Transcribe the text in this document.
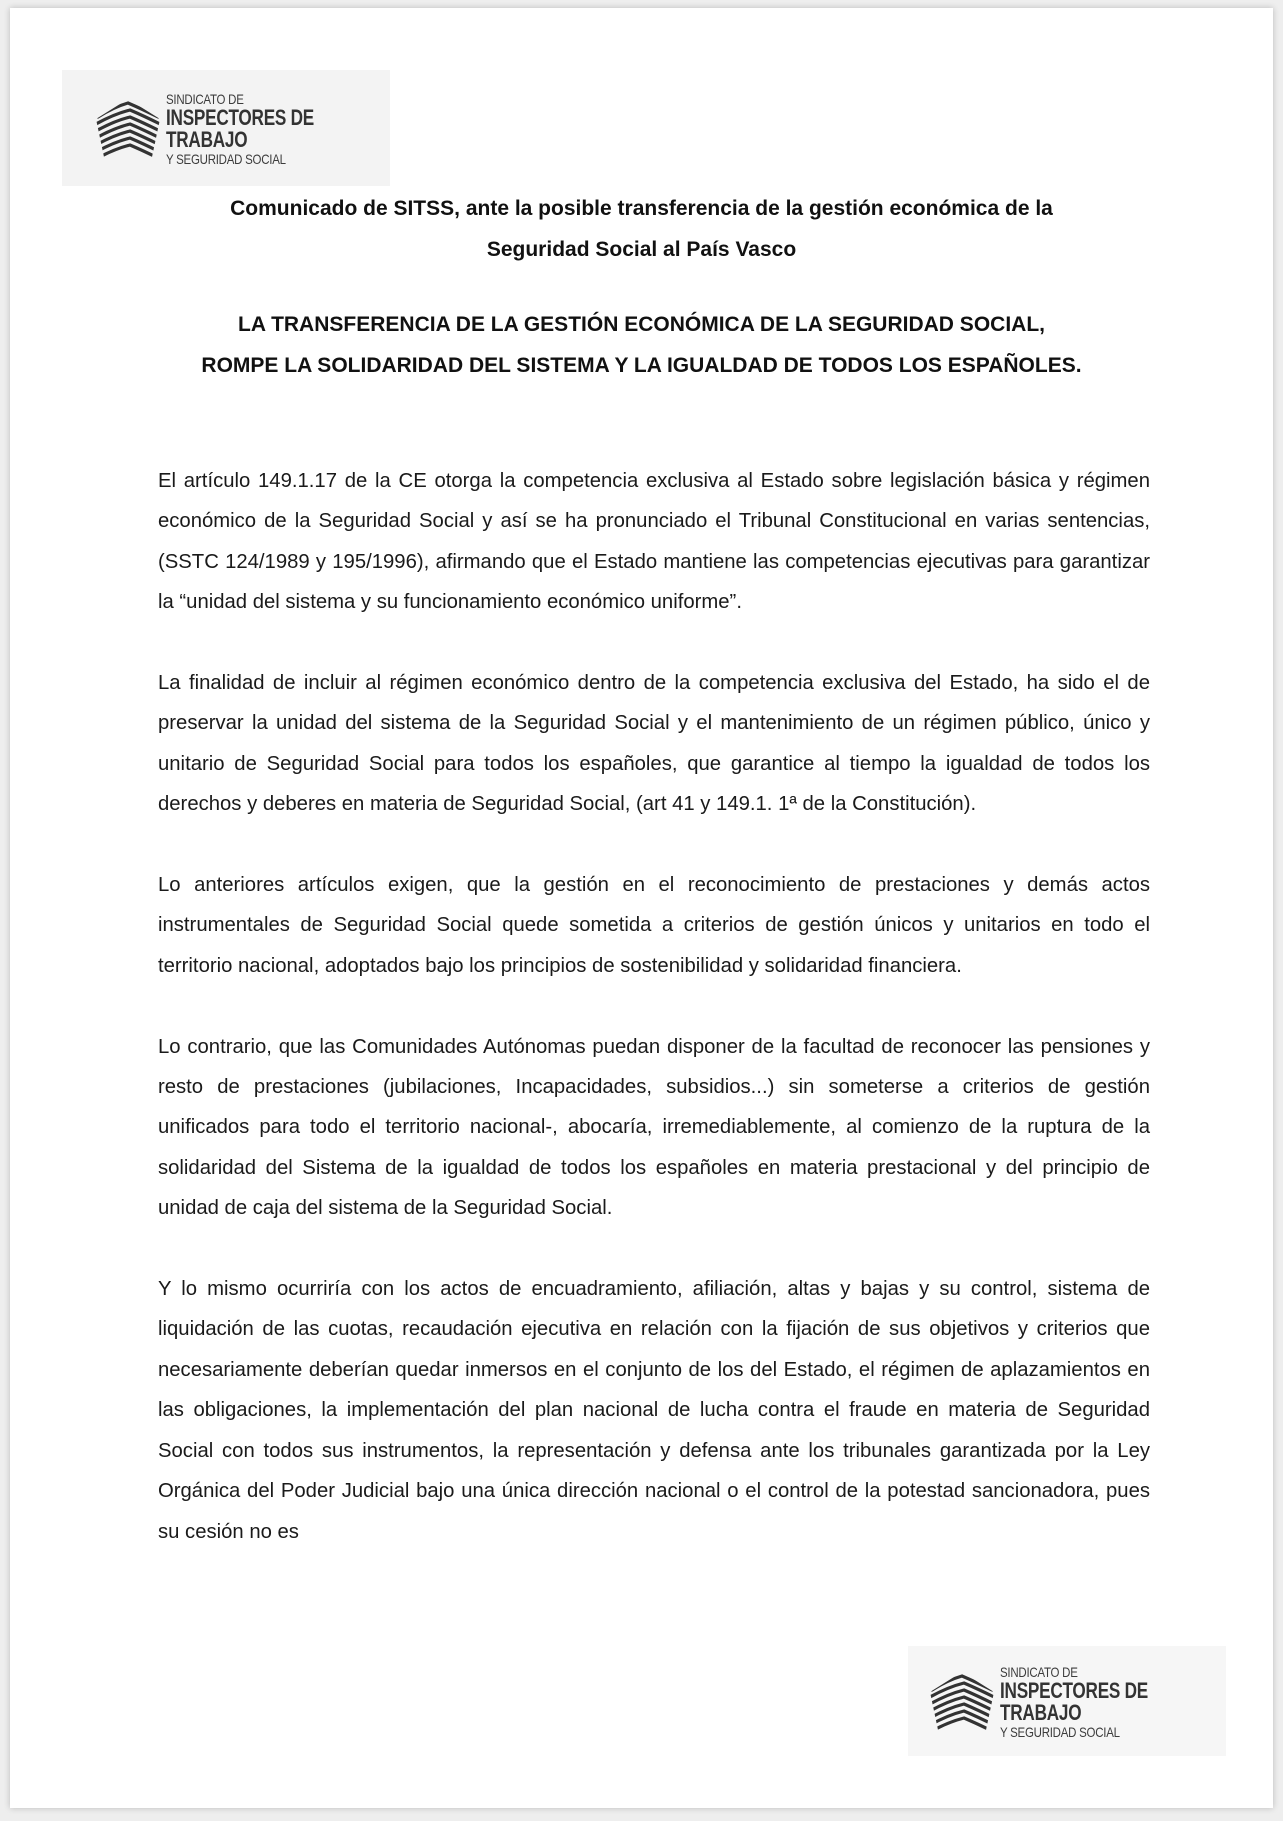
SINDICATO DE
INSPECTORES DE TRABAJO
Y SEGURIDAD SOCIAL
Comunicado de SITSS, ante la posible transferencia de la gestión económica de la
Seguridad Social al País Vasco
LA TRANSFERENCIA DE LA GESTIÓN ECONÓMICA DE LA SEGURIDAD SOCIAL,
ROMPE LA SOLIDARIDAD DEL SISTEMA Y LA IGUALDAD DE TODOS LOS ESPAÑOLES.

El artículo 149.1.17 de la CE otorga la competencia exclusiva al Estado sobre legislación básica y régimen económico de la Seguridad Social y así se ha pronunciado el Tribunal Constitucional en varias sentencias, (SSTC 124/1989 y 195/1996), afirmando que el Estado mantiene las competencias ejecutivas para garantizar la “unidad del sistema y su funcionamiento económico uniforme”.

La finalidad de incluir al régimen económico dentro de la competencia exclusiva del Estado, ha sido el de preservar la unidad del sistema de la Seguridad Social y el mantenimiento de un régimen público, único y unitario de Seguridad Social para todos los españoles, que garantice al tiempo la igualdad de todos los derechos y deberes en materia de Seguridad Social, (art 41 y 149.1. 1ª de la Constitución).

Lo anteriores artículos exigen, que la gestión en el reconocimiento de prestaciones y demás actos instrumentales de Seguridad Social quede sometida a criterios de gestión únicos y unitarios en todo el territorio nacional, adoptados bajo los principios de sostenibilidad y solidaridad financiera.

Lo contrario, que las Comunidades Autónomas puedan disponer de la facultad de reconocer las pensiones y resto de prestaciones (jubilaciones, Incapacidades, subsidios...) sin someterse a criterios de gestión unificados para todo el territorio nacional-, abocaría, irremediablemente, al comienzo de la ruptura de la solidaridad del Sistema de la igualdad de todos los españoles en materia prestacional y del principio de unidad de caja del sistema de la Seguridad Social.

Y lo mismo ocurriría con los actos de encuadramiento, afiliación, altas y bajas y su control, sistema de liquidación de las cuotas, recaudación ejecutiva en relación con la fijación de sus objetivos y criterios que necesariamente deberían quedar inmersos en el conjunto de los del Estado, el régimen de aplazamientos en las obligaciones, la implementación del plan nacional de lucha contra el fraude en materia de Seguridad Social con todos sus instrumentos, la representación y defensa ante los tribunales garantizada por la Ley Orgánica del Poder Judicial bajo una única dirección nacional o el control de la potestad sancionadora, pues su cesión no es

SINDICATO DE
INSPECTORES DE TRABAJO
Y SEGURIDAD SOCIAL
